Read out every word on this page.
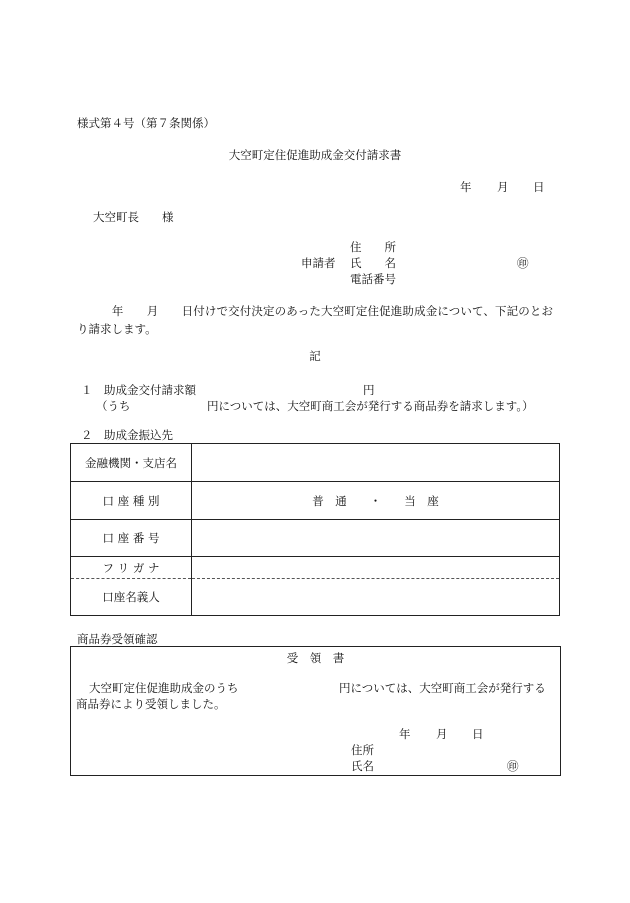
様式第４号（第７条関係）
大空町定住促進助成金交付請求書
年 月 日
大空町長　　様
住　　所
申請者 氏　　名	㊞
電話番号
　　　年　　月　　日付けで交付決定のあった大空町定住促進助成金について、下記のとおり請求します。
記
１　助成金交付請求額	円
（うち	円については、大空町商工会が発行する商品券を請求します。）
２　助成金振込先
金融機関・支店名	
口 座 種 別	普　通　　・　　当　座
口 座 番 号	
フ リ ガ ナ	
口座名義人	
商品券受領確認
受　領　書
大空町定住促進助成金のうち	円については、大空町商工会が発行する
商品券により受領しました。
年 月 日
住所
氏名	㊞
